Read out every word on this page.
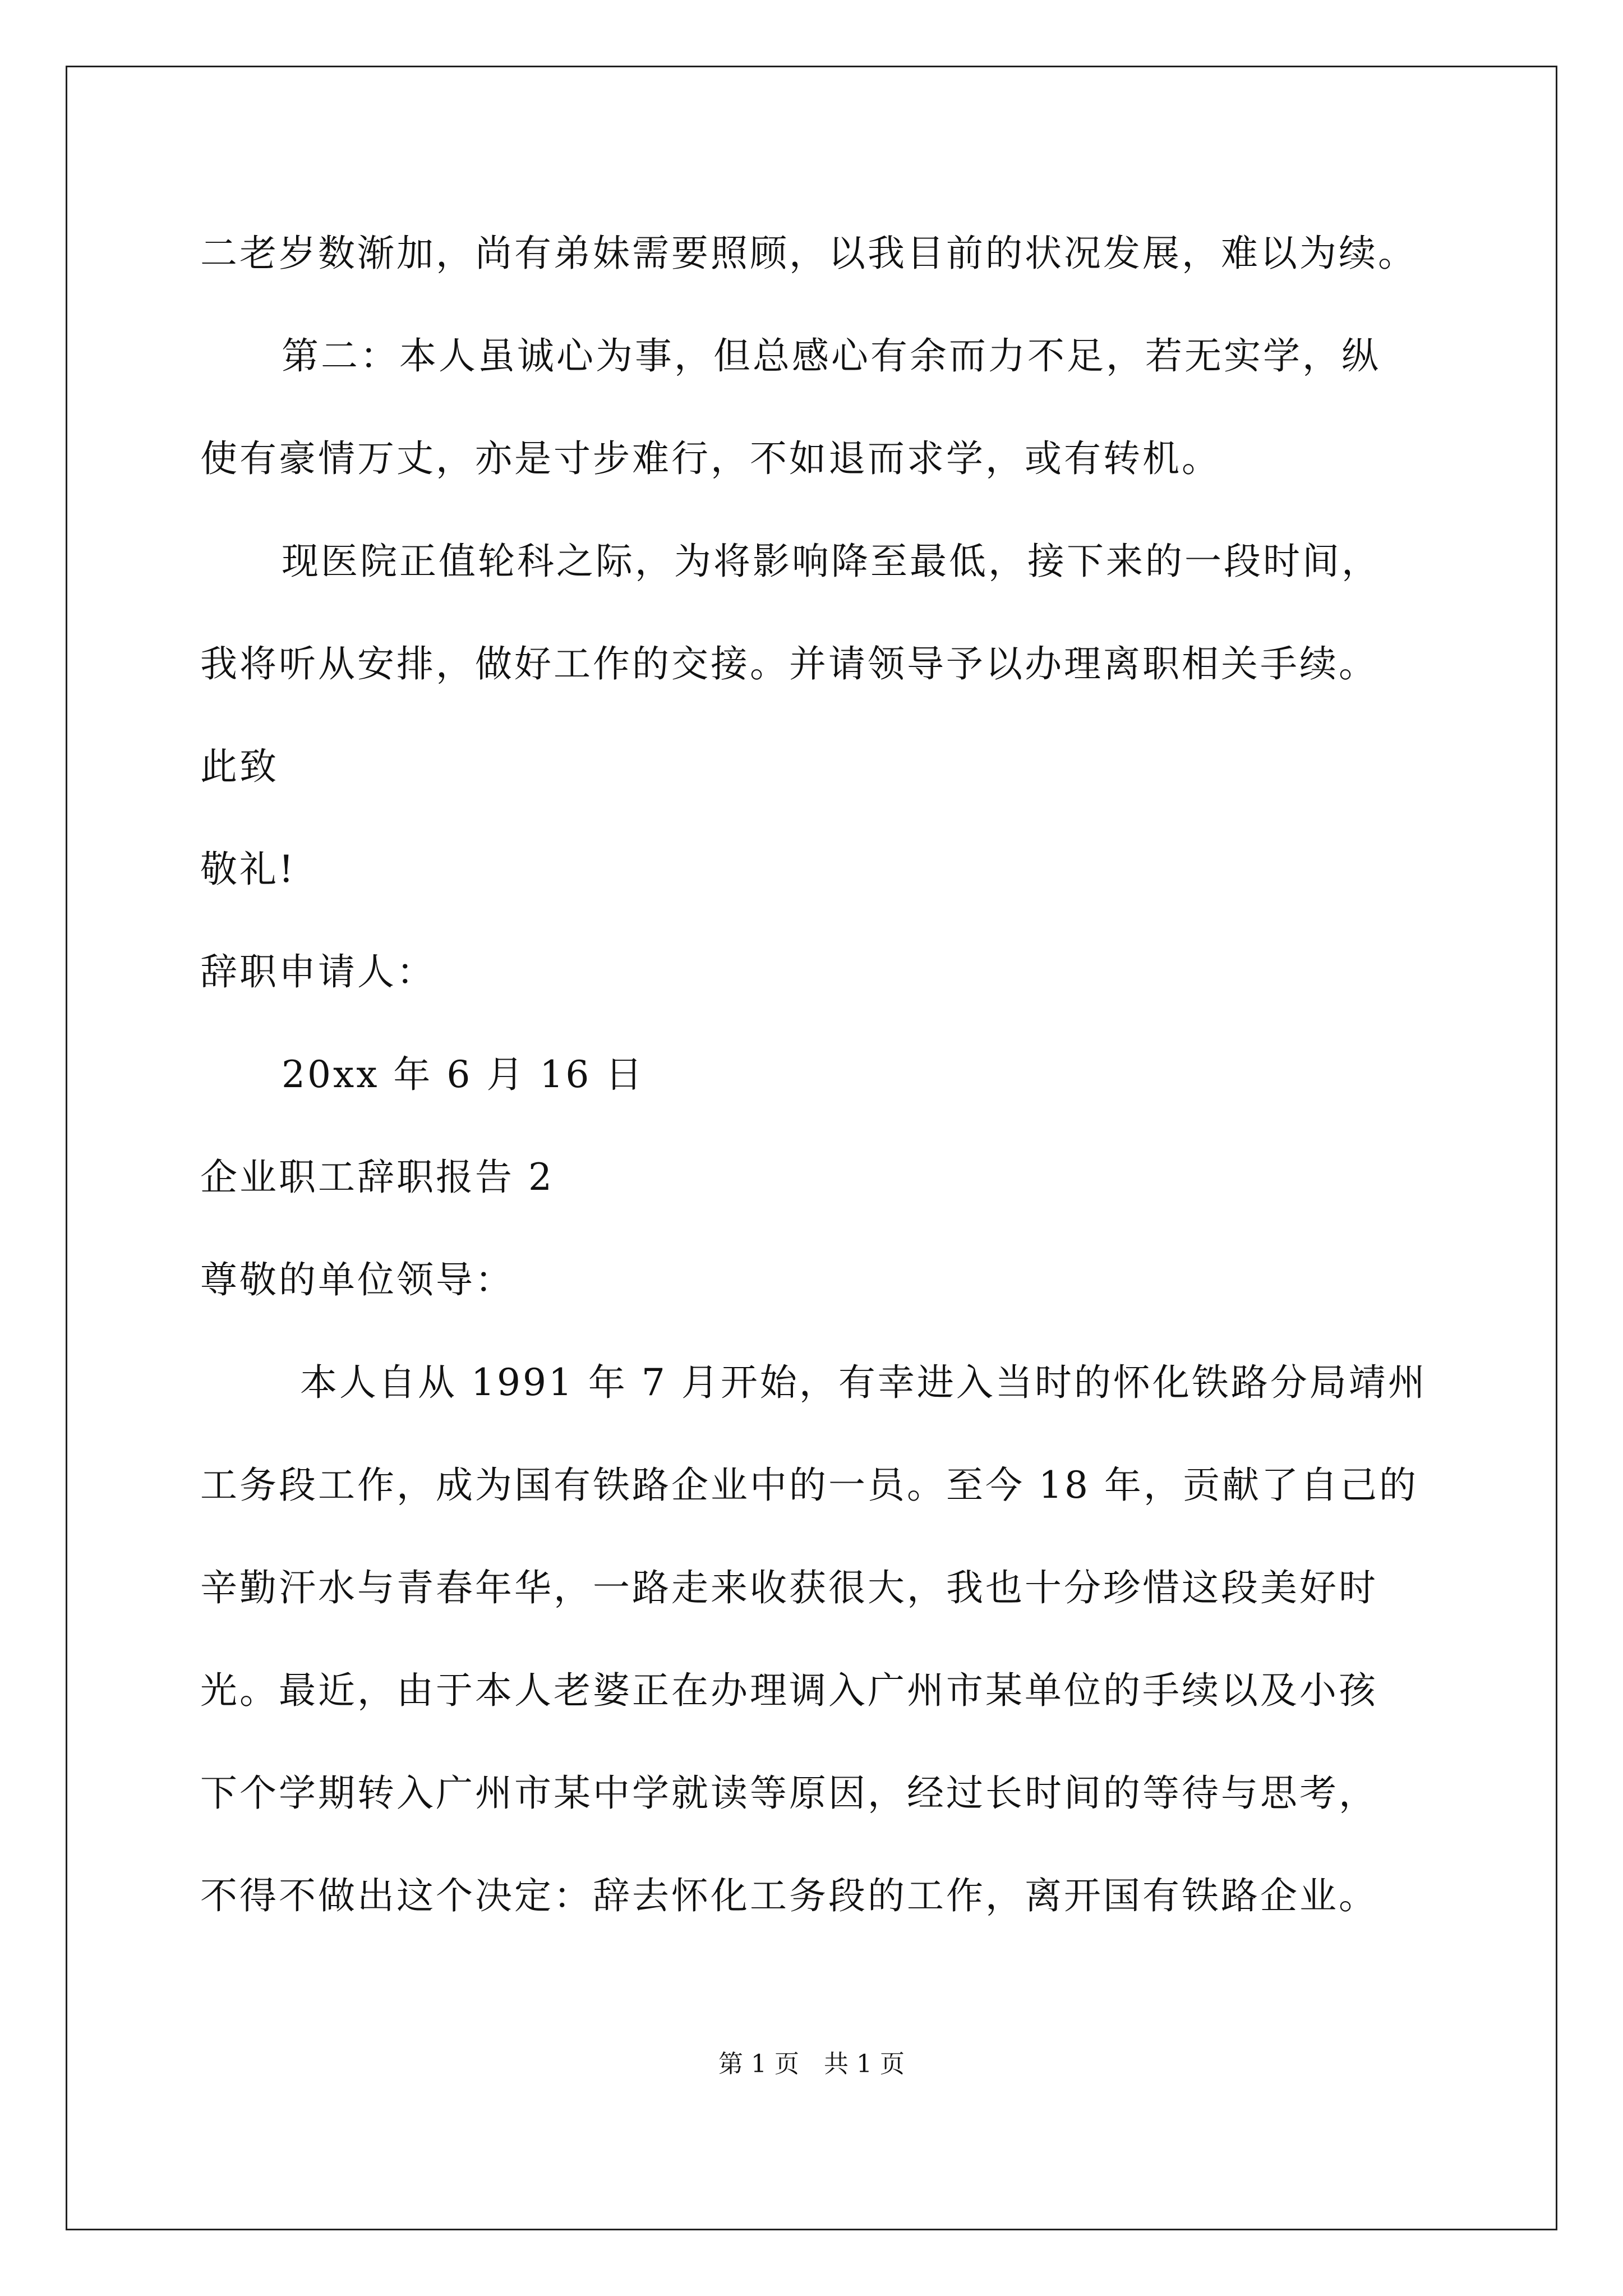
二老岁数渐加，尚有弟妹需要照顾，以我目前的状况发展，难以为续。
第二：本人虽诚心为事，但总感心有余而力不足，若无实学，纵
使有豪情万丈，亦是寸步难行，不如退而求学，或有转机。
现医院正值轮科之际，为将影响降至最低，接下来的一段时间，
我将听从安排，做好工作的交接。并请领导予以办理离职相关手续。
此致
敬礼!
辞职申请人：
20xx 年 6 月 16 日
企业职工辞职报告 2
尊敬的单位领导：
本人自从 1991 年 7 月开始，有幸进入当时的怀化铁路分局靖州
工务段工作，成为国有铁路企业中的一员。至今 18 年，贡献了自己的
辛勤汗水与青春年华，一路走来收获很大，我也十分珍惜这段美好时
光。最近，由于本人老婆正在办理调入广州市某单位的手续以及小孩
下个学期转入广州市某中学就读等原因，经过长时间的等待与思考，
不得不做出这个决定：辞去怀化工务段的工作，离开国有铁路企业。
第 1 页 共 1 页
